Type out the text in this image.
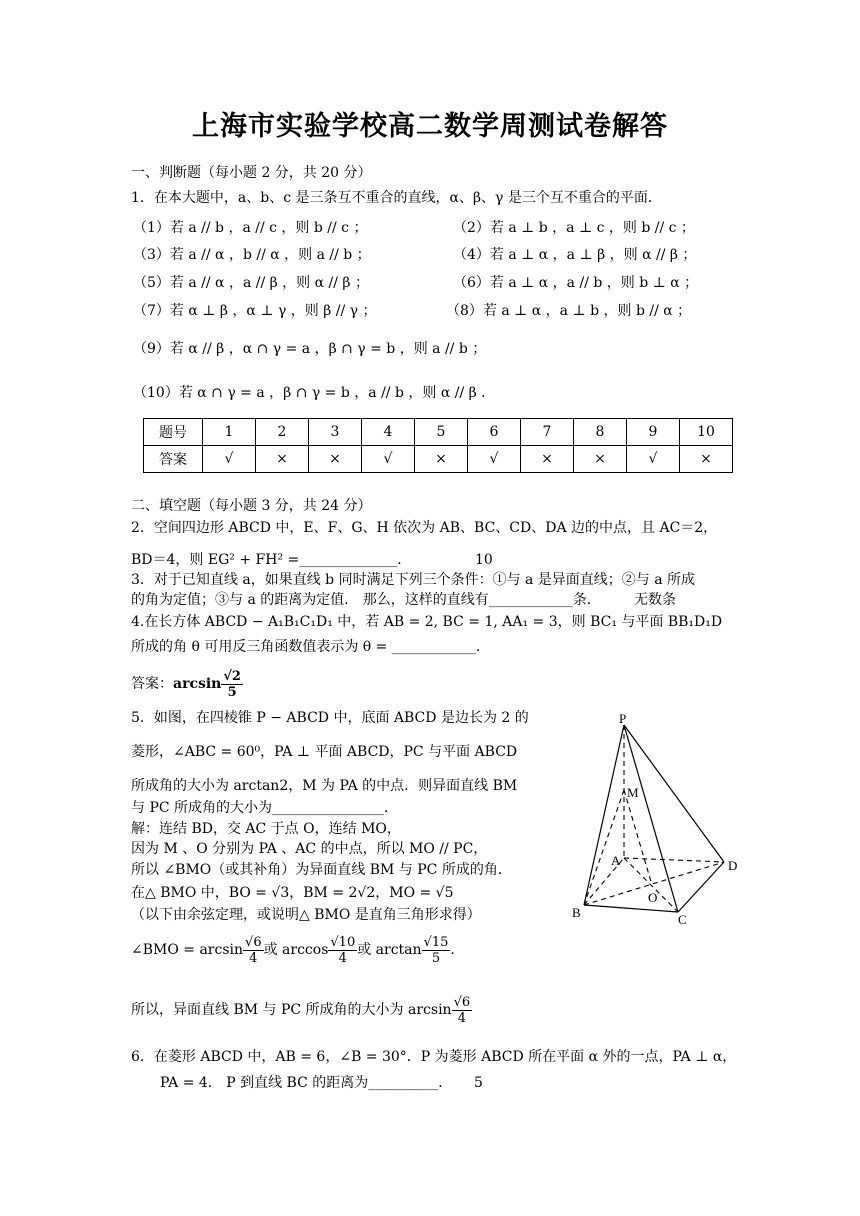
上海市实验学校高二数学周测试卷解答
一、判断题（每小题 2 分，共 20 分）
1．在本大题中，a、b、c 是三条互不重合的直线，α、β、γ 是三个互不重合的平面．
（1）若 a // b ，a // c ，则 b // c ；	（2）若 a ⊥ b ，a ⊥ c ，则 b // c ；
（3）若 a // α ，b // α ，则 a // b ；	（4）若 a ⊥ α ，a ⊥ β ，则 α // β ；
（5）若 a // α ，a // β ，则 α // β ；	（6）若 a ⊥ α ，a // b ，则 b ⊥ α ；
（7）若 α ⊥ β ，α ⊥ γ ，则 β // γ ；	（8）若 a ⊥ α ，a ⊥ b ，则 b // α ；
（9）若 α // β ，α ∩ γ = a ，β ∩ γ = b ，则 a // b ；
（10）若 α ∩ γ = a ，β ∩ γ = b ，a // b ，则 α // β ．
题号	1	2	3	4	5	6	7	8	9	10
答案	√	×	×	√	×	√	×	×	√	×
二、填空题（每小题 3 分，共 24 分）
2．空间四边形 ABCD 中，E、F、G、H 依次为 AB、BC、CD、DA 边的中点，且 AC＝2，
BD＝4，则 EG² + FH² =______________．	10
3．对于已知直线 a，如果直线 b 同时满足下列三个条件：①与 a 是异面直线；②与 a 所成
的角为定值；③与 a 的距离为定值． 那么，这样的直线有____________条． 无数条
4.在长方体 ABCD − A₁B₁C₁D₁ 中，若 AB = 2, BC = 1, AA₁ = 3，则 BC₁ 与平面 BB₁D₁D
所成的角 θ 可用反三角函数值表示为 θ = ____________．
答案： $\arcsin \frac{√2}{5}$
5．如图，在四棱锥 P − ABCD 中，底面 ABCD 是边长为 2 的
菱形，∠ABC = 60⁰，PA ⊥ 平面 ABCD，PC 与平面 ABCD
所成角的大小为 arctan2，M 为 PA 的中点．则异面直线 BM
与 PC 所成角的大小为________________．
解：连结 BD，交 AC 于点 O，连结 MO，
因为 M 、O 分别为 PA 、AC 的中点，所以 MO // PC，
所以 ∠BMO（或其补角）为异面直线 BM 与 PC 所成的角．
在△ BMO 中，BO = √3，BM = 2√2，MO = √5
（以下由余弦定理，或说明△ BMO 是直角三角形求得）
∠BMO = $\arcsin \frac{√6}{4}$ 或 $\arccos \frac{√10}{4}$ 或 $\arctan \frac{√15}{5}$ ．
所以，异面直线 BM 与 PC 所成角的大小为 $\arcsin \frac{√6}{4}$
6．在菱形 ABCD 中，AB = 6，∠B = 30°．P 为菱形 ABCD 所在平面 α 外的一点，PA ⊥ α，
PA = 4． P 到直线 BC 的距离为__________． 5
P
M
A	D
O
B	C
